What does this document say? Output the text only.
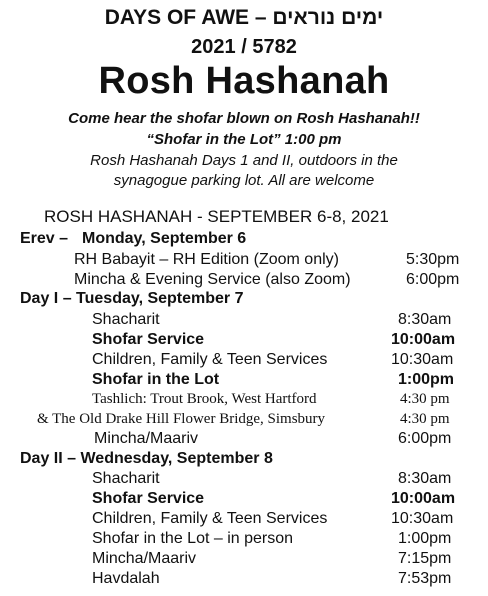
DAYS OF AWE – ימים נוראים
2021 / 5782
Rosh Hashanah
Come hear the shofar blown on Rosh Hashanah!!
“Shofar in the Lot” 1:00 pm
Rosh Hashanah Days 1 and II, outdoors in the
synagogue parking lot. All are welcome
ROSH HASHANAH - SEPTEMBER 6-8, 2021
Erev – Monday, September 6
RH Babayit – RH Edition (Zoom only)	5:30pm
Mincha & Evening Service (also Zoom)	6:00pm
Day I – Tuesday, September 7
Shacharit	8:30am
Shofar Service	10:00am
Children, Family & Teen Services	10:30am
Shofar in the Lot	1:00pm
Tashlich: Trout Brook, West Hartford	4:30 pm
& The Old Drake Hill Flower Bridge, Simsbury	4:30 pm
Mincha/Maariv	6:00pm
Day II – Wednesday, September 8
Shacharit	8:30am
Shofar Service	10:00am
Children, Family & Teen Services	10:30am
Shofar in the Lot – in person	1:00pm
Mincha/Maariv	7:15pm
Havdalah	7:53pm
